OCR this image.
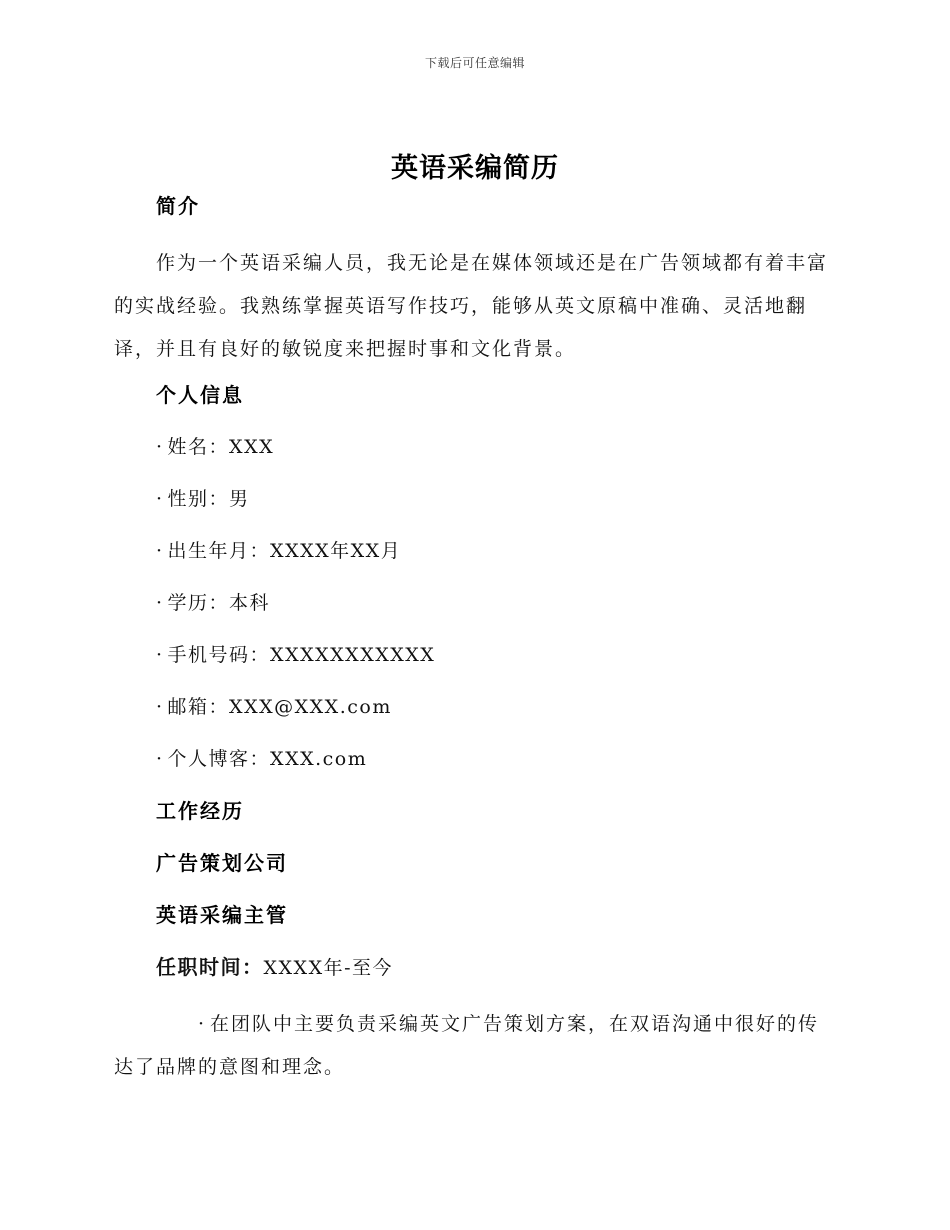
下载后可任意编辑
英语采编简历
简介
作为一个英语采编人员，我无论是在媒体领域还是在广告领域都有着丰富的实战经验。我熟练掌握英语写作技巧，能够从英文原稿中准确、灵活地翻译，并且有良好的敏锐度来把握时事和文化背景。
个人信息
· 姓名：XXX
· 性别：男
· 出生年月：XXXX年XX月
· 学历：本科
· 手机号码：XXXXXXXXXXX
· 邮箱：XXX@XXX.com
· 个人博客：XXX.com
工作经历
广告策划公司
英语采编主管
任职时间：XXXX年-至今
· 在团队中主要负责采编英文广告策划方案，在双语沟通中很好的传达了品牌的意图和理念。
